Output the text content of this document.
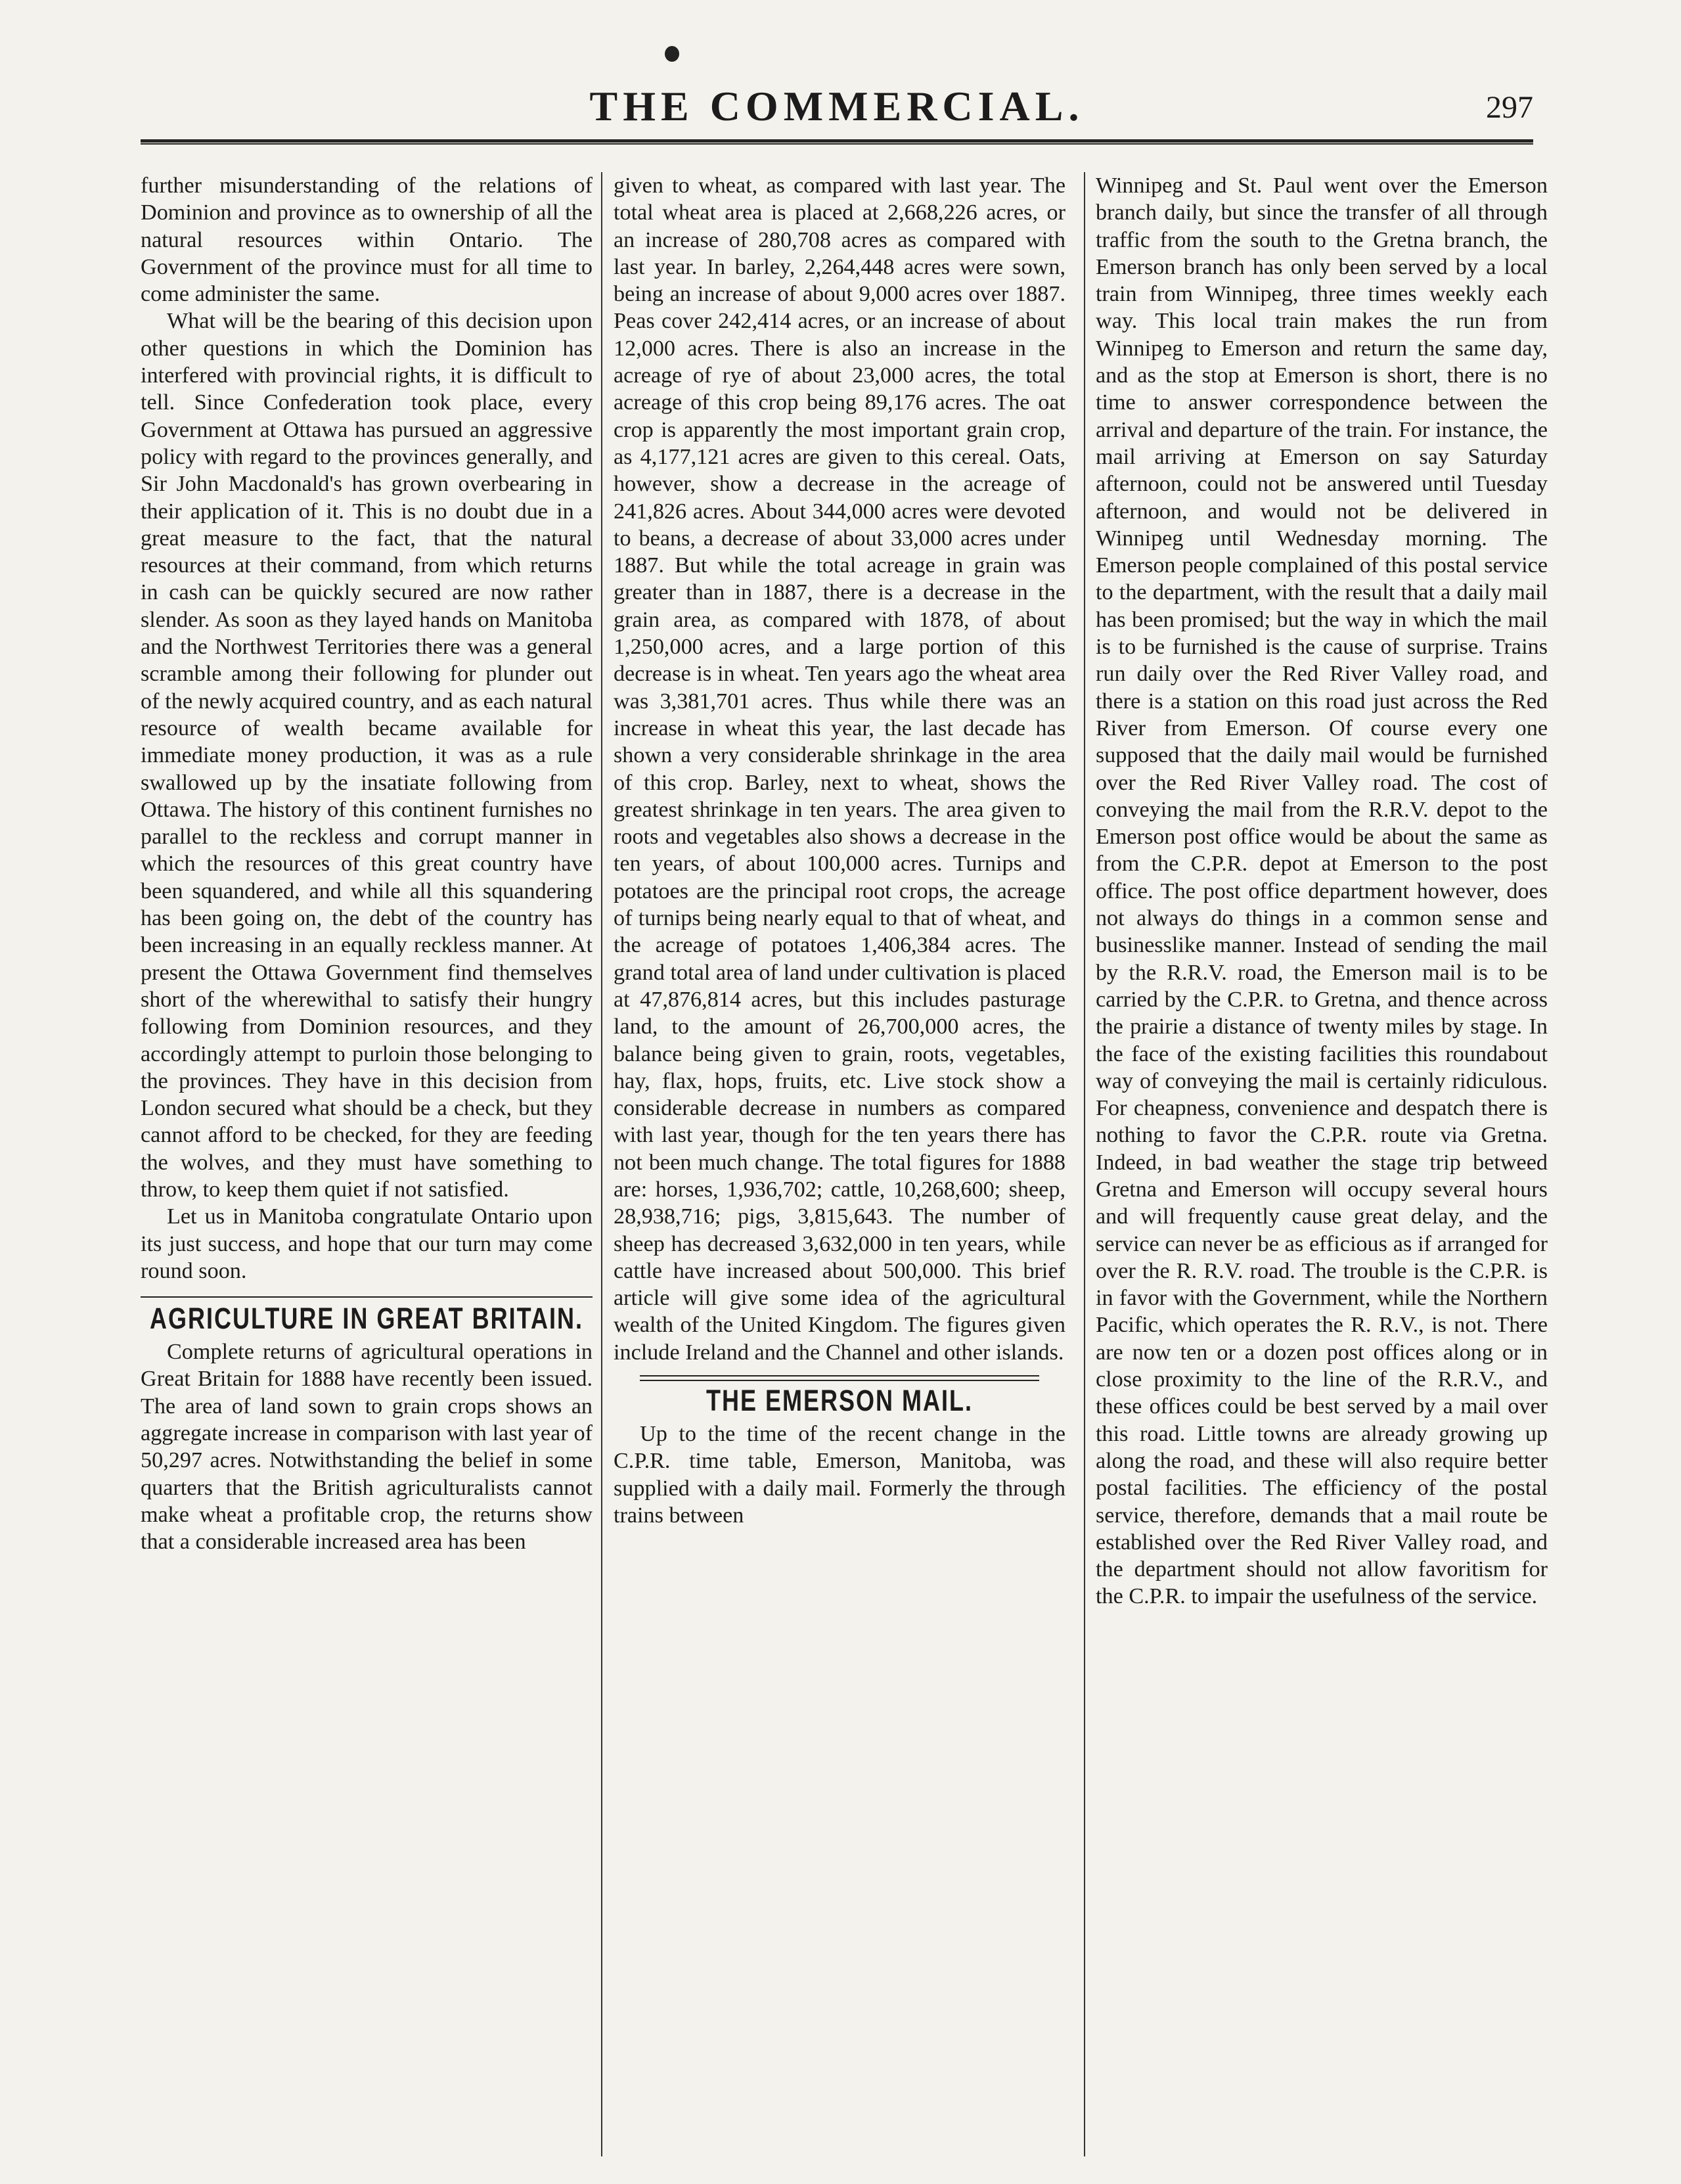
THE COMMERCIAL.	297

further misunderstanding of the relations of Dominion and province as to ownership of all the natural resources within Ontario. The Government of the province must for all time to come administer the same.

What will be the bearing of this decision upon other questions in which the Dominion has interfered with provincial rights, it is difficult to tell. Since Confederation took place, every Government at Ottawa has pursued an aggressive policy with regard to the provinces generally, and Sir John Macdonald's has grown overbearing in their application of it. This is no doubt due in a great measure to the fact, that the natural resources at their command, from which returns in cash can be quickly secured are now rather slender. As soon as they layed hands on Manitoba and the Northwest Territories there was a general scramble among their following for plunder out of the newly acquired country, and as each natural resource of wealth became available for immediate money production, it was as a rule swallowed up by the insatiate following from Ottawa. The history of this continent furnishes no parallel to the reckless and corrupt manner in which the resources of this great country have been squandered, and while all this squandering has been going on, the debt of the country has been increasing in an equally reckless manner. At present the Ottawa Government find themselves short of the wherewithal to satisfy their hungry following from Dominion resources, and they accordingly attempt to purloin those belonging to the provinces. They have in this decision from London secured what should be a check, but they cannot afford to be checked, for they are feeding the wolves, and they must have something to throw, to keep them quiet if not satisfied.

Let us in Manitoba congratulate Ontario upon its just success, and hope that our turn may come round soon.

AGRICULTURE IN GREAT BRITAIN.

Complete returns of agricultural operations in Great Britain for 1888 have recently been issued. The area of land sown to grain crops shows an aggregate increase in comparison with last year of 50,297 acres. Notwithstanding the belief in some quarters that the British agriculturalists cannot make wheat a profitable crop, the returns show that a considerable increased area has been

given to wheat, as compared with last year. The total wheat area is placed at 2,668,226 acres, or an increase of 280,708 acres as compared with last year. In barley, 2,264,448 acres were sown, being an increase of about 9,000 acres over 1887. Peas cover 242,414 acres, or an increase of about 12,000 acres. There is also an increase in the acreage of rye of about 23,000 acres, the total acreage of this crop being 89,176 acres. The oat crop is apparently the most important grain crop, as 4,177,121 acres are given to this cereal. Oats, however, show a decrease in the acreage of 241,826 acres. About 344,000 acres were devoted to beans, a decrease of about 33,000 acres under 1887. But while the total acreage in grain was greater than in 1887, there is a decrease in the grain area, as compared with 1878, of about 1,250,000 acres, and a large portion of this decrease is in wheat. Ten years ago the wheat area was 3,381,701 acres. Thus while there was an increase in wheat this year, the last decade has shown a very considerable shrinkage in the area of this crop. Barley, next to wheat, shows the greatest shrinkage in ten years. The area given to roots and vegetables also shows a decrease in the ten years, of about 100,000 acres. Turnips and potatoes are the principal root crops, the acreage of turnips being nearly equal to that of wheat, and the acreage of potatoes 1,406,384 acres. The grand total area of land under cultivation is placed at 47,876,814 acres, but this includes pasturage land, to the amount of 26,700,000 acres, the balance being given to grain, roots, vegetables, hay, flax, hops, fruits, etc. Live stock show a considerable decrease in numbers as compared with last year, though for the ten years there has not been much change. The total figures for 1888 are: horses, 1,936,702; cattle, 10,268,600; sheep, 28,938,716; pigs, 3,815,643. The number of sheep has decreased 3,632,000 in ten years, while cattle have increased about 500,000. This brief article will give some idea of the agricultural wealth of the United Kingdom. The figures given include Ireland and the Channel and other islands.

THE EMERSON MAIL.

Up to the time of the recent change in the C.P.R. time table, Emerson, Manitoba, was supplied with a daily mail. Formerly the through trains between

Winnipeg and St. Paul went over the Emerson branch daily, but since the transfer of all through traffic from the south to the Gretna branch, the Emerson branch has only been served by a local train from Winnipeg, three times weekly each way. This local train makes the run from Winnipeg to Emerson and return the same day, and as the stop at Emerson is short, there is no time to answer correspondence between the arrival and departure of the train. For instance, the mail arriving at Emerson on say Saturday afternoon, could not be answered until Tuesday afternoon, and would not be delivered in Winnipeg until Wednesday morning. The Emerson people complained of this postal service to the department, with the result that a daily mail has been promised; but the way in which the mail is to be furnished is the cause of surprise. Trains run daily over the Red River Valley road, and there is a station on this road just across the Red River from Emerson. Of course every one supposed that the daily mail would be furnished over the Red River Valley road. The cost of conveying the mail from the R.R.V. depot to the Emerson post office would be about the same as from the C.P.R. depot at Emerson to the post office. The post office department however, does not always do things in a common sense and businesslike manner. Instead of sending the mail by the R.R.V. road, the Emerson mail is to be carried by the C.P.R. to Gretna, and thence across the prairie a distance of twenty miles by stage. In the face of the existing facilities this roundabout way of conveying the mail is certainly ridiculous. For cheapness, convenience and despatch there is nothing to favor the C.P.R. route via Gretna. Indeed, in bad weather the stage trip betweed Gretna and Emerson will occupy several hours and will frequently cause great delay, and the service can never be as efficious as if arranged for over the R. R.V. road. The trouble is the C.P.R. is in favor with the Government, while the Northern Pacific, which operates the R. R.V., is not. There are now ten or a dozen post offices along or in close proximity to the line of the R.R.V., and these offices could be best served by a mail over this road. Little towns are already growing up along the road, and these will also require better postal facilities. The efficiency of the postal service, therefore, demands that a mail route be established over the Red River Valley road, and the department should not allow favoritism for the C.P.R. to impair the usefulness of the service.
